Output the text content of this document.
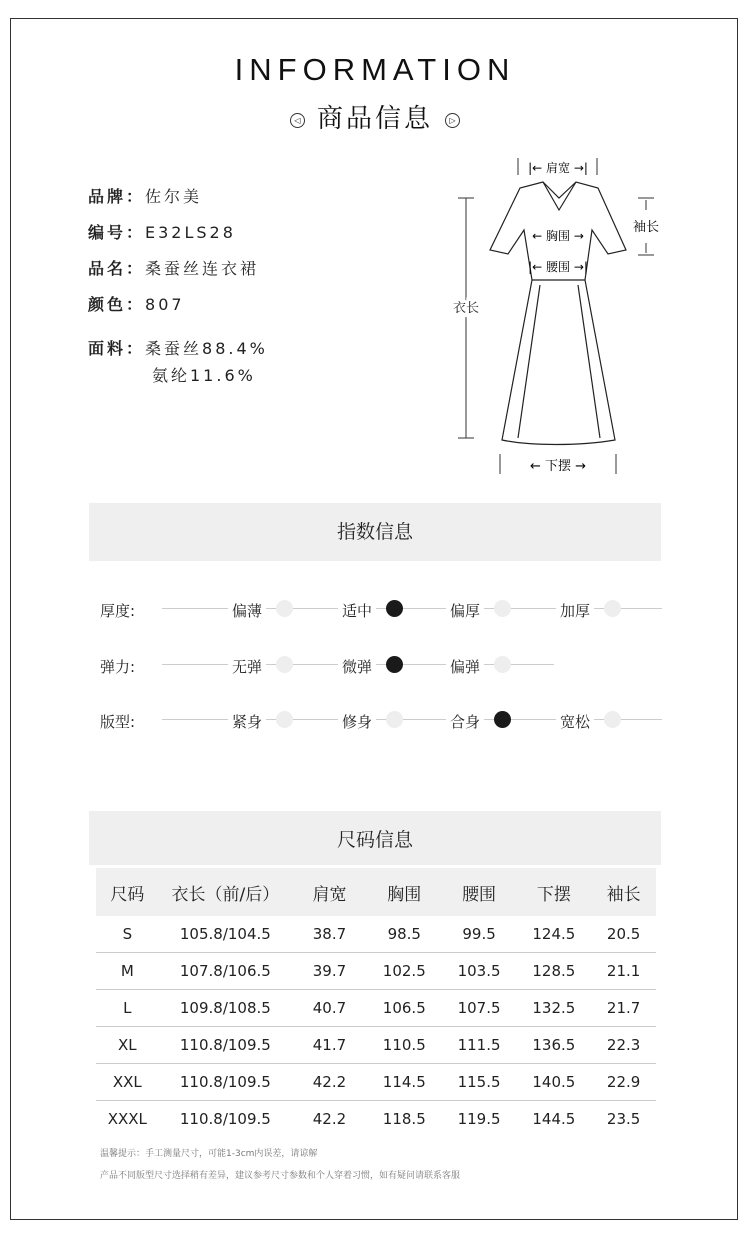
INFORMATION
◁ 商品信息 ▷
品牌：佐尔美
编号：E32LS28
品名：桑蚕丝连衣裙
颜色：807
面料：桑蚕丝88.4%
氨纶11.6%
|← 肩宽 →|
← 胸围 →
|← 腰围 →|
袖长
衣长
← 下摆 →
指数信息
厚度:	偏薄	适中	偏厚	加厚
弹力:	无弹	微弹	偏弹
版型:	紧身	修身	合身	宽松
尺码信息
尺码	衣长（前/后）	肩宽	胸围	腰围	下摆	袖长
S	105.8/104.5	38.7	98.5	99.5	124.5	20.5
M	107.8/106.5	39.7	102.5	103.5	128.5	21.1
L	109.8/108.5	40.7	106.5	107.5	132.5	21.7
XL	110.8/109.5	41.7	110.5	111.5	136.5	22.3
XXL	110.8/109.5	42.2	114.5	115.5	140.5	22.9
XXXL	110.8/109.5	42.2	118.5	119.5	144.5	23.5
温馨提示：手工测量尺寸，可能1-3cm内误差，请谅解
产品不同版型尺寸选择稍有差异，建议参考尺寸参数和个人穿着习惯，如有疑问请联系客服
